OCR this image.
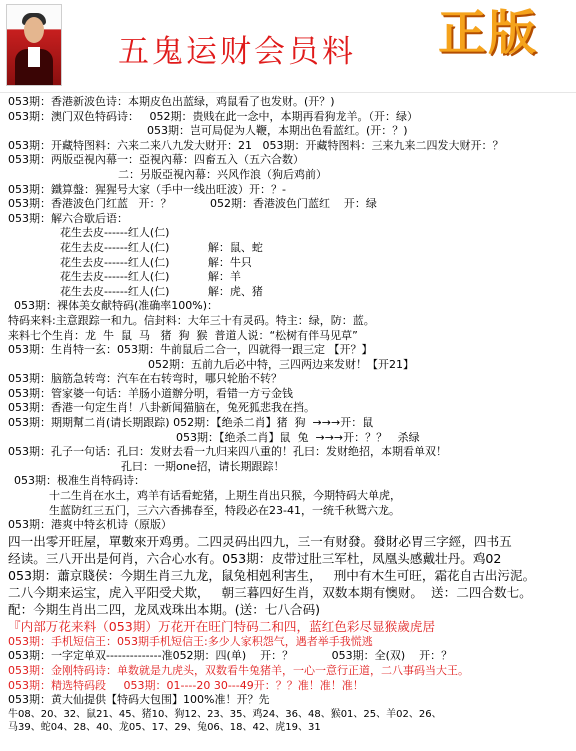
五鬼运财会员料 正版
053期：香港新波色诗：本期皮色出蓝绿，鸡鼠看了也发财。(开？)
053期：澳门双色特码诗：   052期：贵贱在此一念中，本期再看狗龙羊。（开：绿）
053期：岂可局促为人鞭，本期出色看蓝红。(开：？)
053期：开藏特图料：六来二来八九发大财开：21   053期：开藏特图料：三来九来二四发大财开：？
053期：两版亞視內幕一：亞視內幕：四畜五入（五六合数）
二：另版亞視內幕：兴风作浪（狗后鸡前）
053期：鐵算盤：猩猩号大家（手中一线出旺波）开：？-
053期：香港波色门红蓝   开：？           052期：香港波色门蓝红    开：绿
053期：解六合歇后语：
花生去皮------红人(仁)
花生去皮------红人(仁)           解：鼠、蛇
花生去皮------红人(仁)           解：牛只
花生去皮------红人(仁)           解：羊
花生去皮------红人(仁)           解：虎、猪
053期：裸体美女献特码(准确率100%)：
特码来料:主意跟踪一和九。信封料：大年三十有灵码。特主：绿，防：蓝。
来料七个生肖：龙  牛  鼠  马   猪  狗  猴  普道人说：“松树有伴马见草”
053期：生肖特一玄：053期：牛前鼠后二合一，四就得一跟三定 【开？】
052期：五前九后必中特，三四两边来发财！【开21】
053期：脑筋急转弯：汽车在右转弯时，哪只轮胎不转？
053期：管家婆一句话：羊肠小道辦分明，看错一方亏金钱
053期：香港一句定生肖！八卦新闻猫脑在，兔死狐悲我在挡。
053期：期期幫二肖(请长期跟踪) 052期：【绝杀二肖】猪  狗  →→→开：鼠
053期：【绝杀二肖】鼠  兔  →→→开：？？   杀绿
053期：孔子一句话：孔曰：发财去看一九归来四八重的！孔曰：发财绝招，本期看单双！
孔曰：一期one招，请长期跟踪！
053期：极准生肖特码诗：
十二生肖在水土，鸡羊有话看蛇猪，上期生肖出只猴，今期特码大单虎，
生蓝防红三五门，三六六香拂春至，特段必在23-41，一统千秋鸳六龙。
053期：港爽中特玄机诗（原版）
四一出零开旺屋，單數來开鸡勇。二四灵码出四九，三一有财發。發財必胃三字經，四书五
经读。三八开出是何肖，六合心水有。053期：皮带过肚三军杜，凤凰头感戴壮丹。鸡02
053期：蕭京賤侯：今期生肖三九龙，鼠兔相剋利害生，   刑中有木生可旺，霜花自古出污泥。
二八今期来运宝，虎入平阳受犬欺，   朝三暮四好生肖，双数本期有懊财。  送：二四合数七。
配：今期生肖出二四，龙凤戏珠出本期。(送：七八合码)
『内部万花来料（053期）万花开在旺门特码二和四，蓝红色彩尽显猴歲虎居
053期：手机短信王：053期手机短信王:多少人家积怨气，遇者举手我慌逃
053期：一字定单双--------------准052期：四(单)    开：？           053期：全(双)    开：？
053期：金刚特码诗：单数就是九虎头，双数看牛兔猪羊，一心一意行正道，二八事码当大王。
053期：精选特码段     053期：01----20 30---49开：？？准！准！准！
053期：黄大仙提供【特码大包围】100%准！开？先
牛08、20、32、鼠21、45、猪10、狗12、23、35、鸡24、36、48、猴01、25、羊02、26、
马39、蛇04、28、40、龙05、17、29、兔06、18、42、虎19、31
